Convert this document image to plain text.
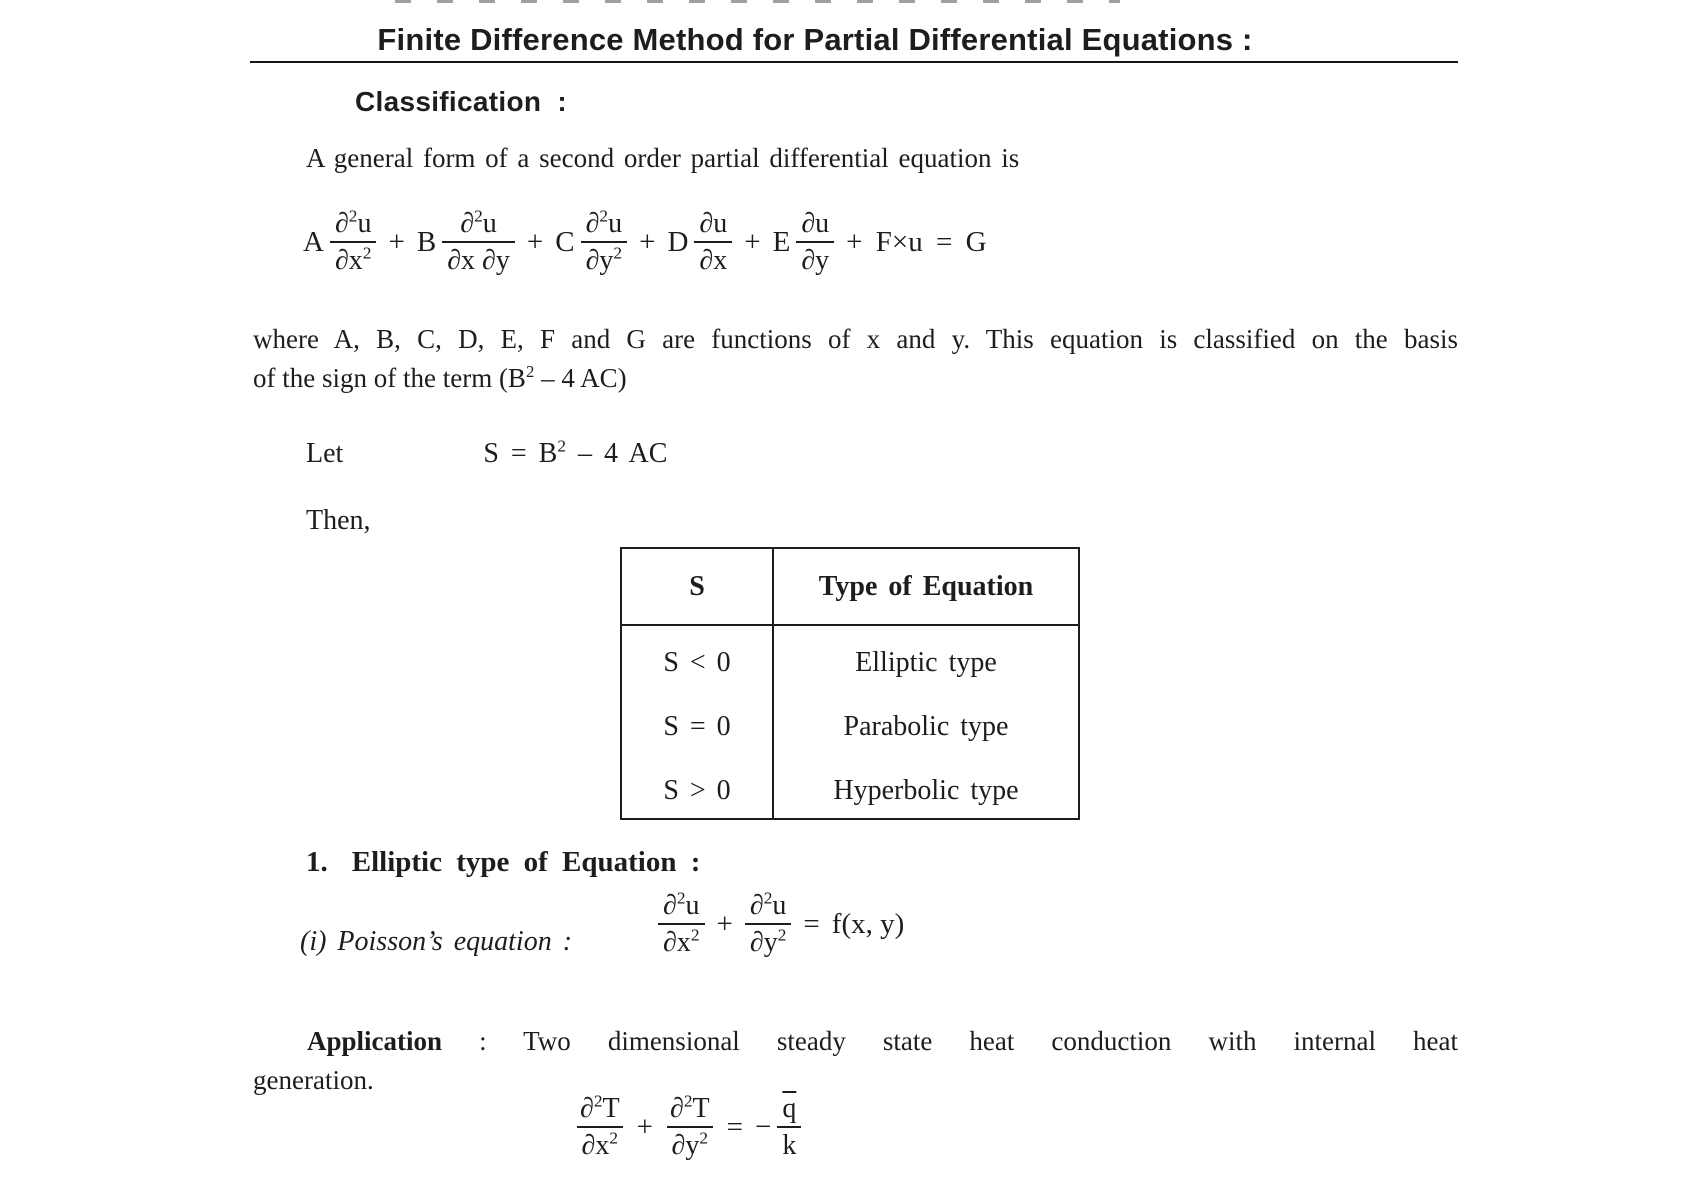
Finite Difference Method for Partial Differential Equations :
Classification  :
A general form of a second order partial differential equation is
A $\frac{\partial^2u}{\partial x^2} + B \frac{\partial^2u}{\partial x \partial y} + C \frac{\partial^2u}{\partial y^2} + D \frac{\partial u}{\partial x} + E \frac{\partial u}{\partial y} + F\times u = G$
where A, B, C, D, E, F and G are functions of x and y. This equation is classified on the basis
of the sign of the term ($B^2 - 4$ AC)
Let	$S = B^2 - 4$ AC
Then,
S	Type of Equation
S < 0	Elliptic type
S = 0	Parabolic type
S > 0	Hyperbolic type
1. Elliptic type of Equation :
(i) Poisson’s equation :	$\frac{\partial^2u}{\partial x^2} + \frac{\partial^2u}{\partial y^2} = f(x$, y)
Application : Two dimensional steady state heat conduction with internal heat
generation.
$\frac{\partial^2T}{\partial x^2} + \frac{\partial^2T}{\partial y^2}$ = − $\frac{\overline{q}}{k}$
